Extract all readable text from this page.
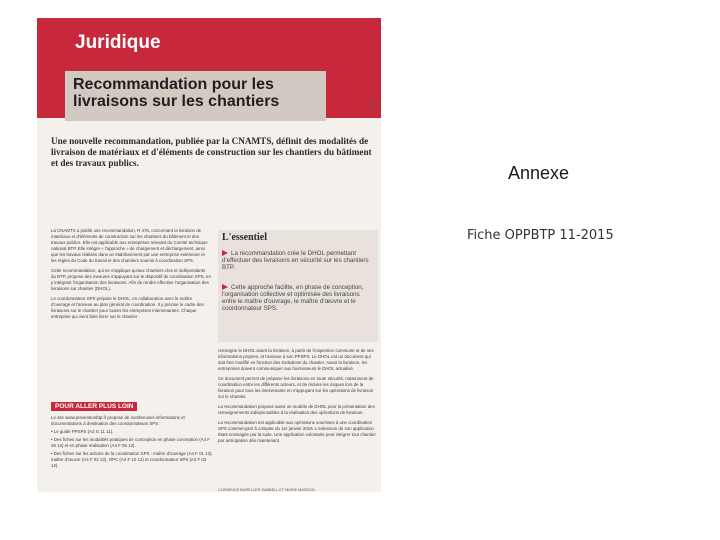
Juridique
Recommandation pour les livraisons sur les chantiers	11-2
Une nouvelle recommandation, publiée par la CNAMTS, définit des modalités de livraison de matériaux et d'éléments de construction sur les chantiers du bâtiment et des travaux publics.

La CNAMTS a publié une recommandation, R 476, concernant la livraison de matériaux et d'éléments de construction sur les chantiers du bâtiment et des travaux publics. Elle est applicable aux entreprises relevant du Comité technique national BTP. Elle intègre « l'approche » de chargement et déchargement, ainsi que les travaux réalisés dans un établissement par une entreprise extérieure et les règles du Code du travail et des chantiers soumis à coordination SPS.

Cette recommandation, qui ne s'applique qu'aux chantiers clos et indépendants du BTP, propose des mesures s'appuyant sur le dispositif de coordination SPS, en y intégrant l'organisation des livraisons. Afin de rendre effective l'organisation des livraisons sur chantier (DHOL).

Le coordonnateur SPS prépare le DHOL, en collaboration avec le maître d'ouvrage et l'annexe au plan général de coordination. Il y précise le cadre des livraisons sur le chantier pour toutes les entreprises intervenantes. Chaque entreprise qui vient faire livrer sur le chantier

POUR ALLER PLUS LOIN

Le site www.preventionbtp.fr propose de nombreuses informations et documentations à destination des coordonnateurs SPS :

• Le guide PPSPS (A3 G 11 11).

• Des fiches sur les modalités pratiques de conception en phase conception (A4 F 26 13) et en phase réalisation (A4 F 06 13).

• Des fiches sur les actions de la coordination SPS : maître d'ouvrage (A4 F 01 13), maître d'œuvre (A4 F 02 13), OPC (A4 F 10 13) et coordonnateur SPS (A4 F 03 12).

L'essentiel
La recommandation crée le DHOL permettant d'effectuer des livraisons en sécurité sur les chantiers BTP.
Cette approche facilite, en phase de conception, l'organisation collective et optimisée des livraisons entre le maître d'ouvrage, le maître d'œuvre et le coordonnateur SPS.

renseigne le DHOL avant la livraison, à partir de l'inspection commune et de ses informations propres, et l'annexe à son PPSPS. Le DHOL est un document qui doit être modifié en fonction des évolutions du chantier. Avant la livraison, les entreprises doivent communiquer aux fournisseurs le DHOL actualisé.

Ce document permet de préparer les livraisons en toute sécurité, notamment de coordination entre les différents acteurs, et de réduire les risques lors de la livraison pour tous les intervenants en s'appuyant sur les opérations de livraison sur le chantier.

La recommandation propose aussi un modèle de DHOL pour la présentation des renseignements indispensables à la réalisation des opérations de livraison.

La recommandation est applicable aux opérations soumises à une coordination SPS commençant à compter du 1er janvier 2016. L'extension de son application étant envisagée par la suite. Une application volontaire peut intégrer tout chantier par anticipation dès maintenant.

CLÉMENCE BURELLER-SABBELL ET MARIE MASSON
Annexe
Fiche OPPBTP 11-2015
